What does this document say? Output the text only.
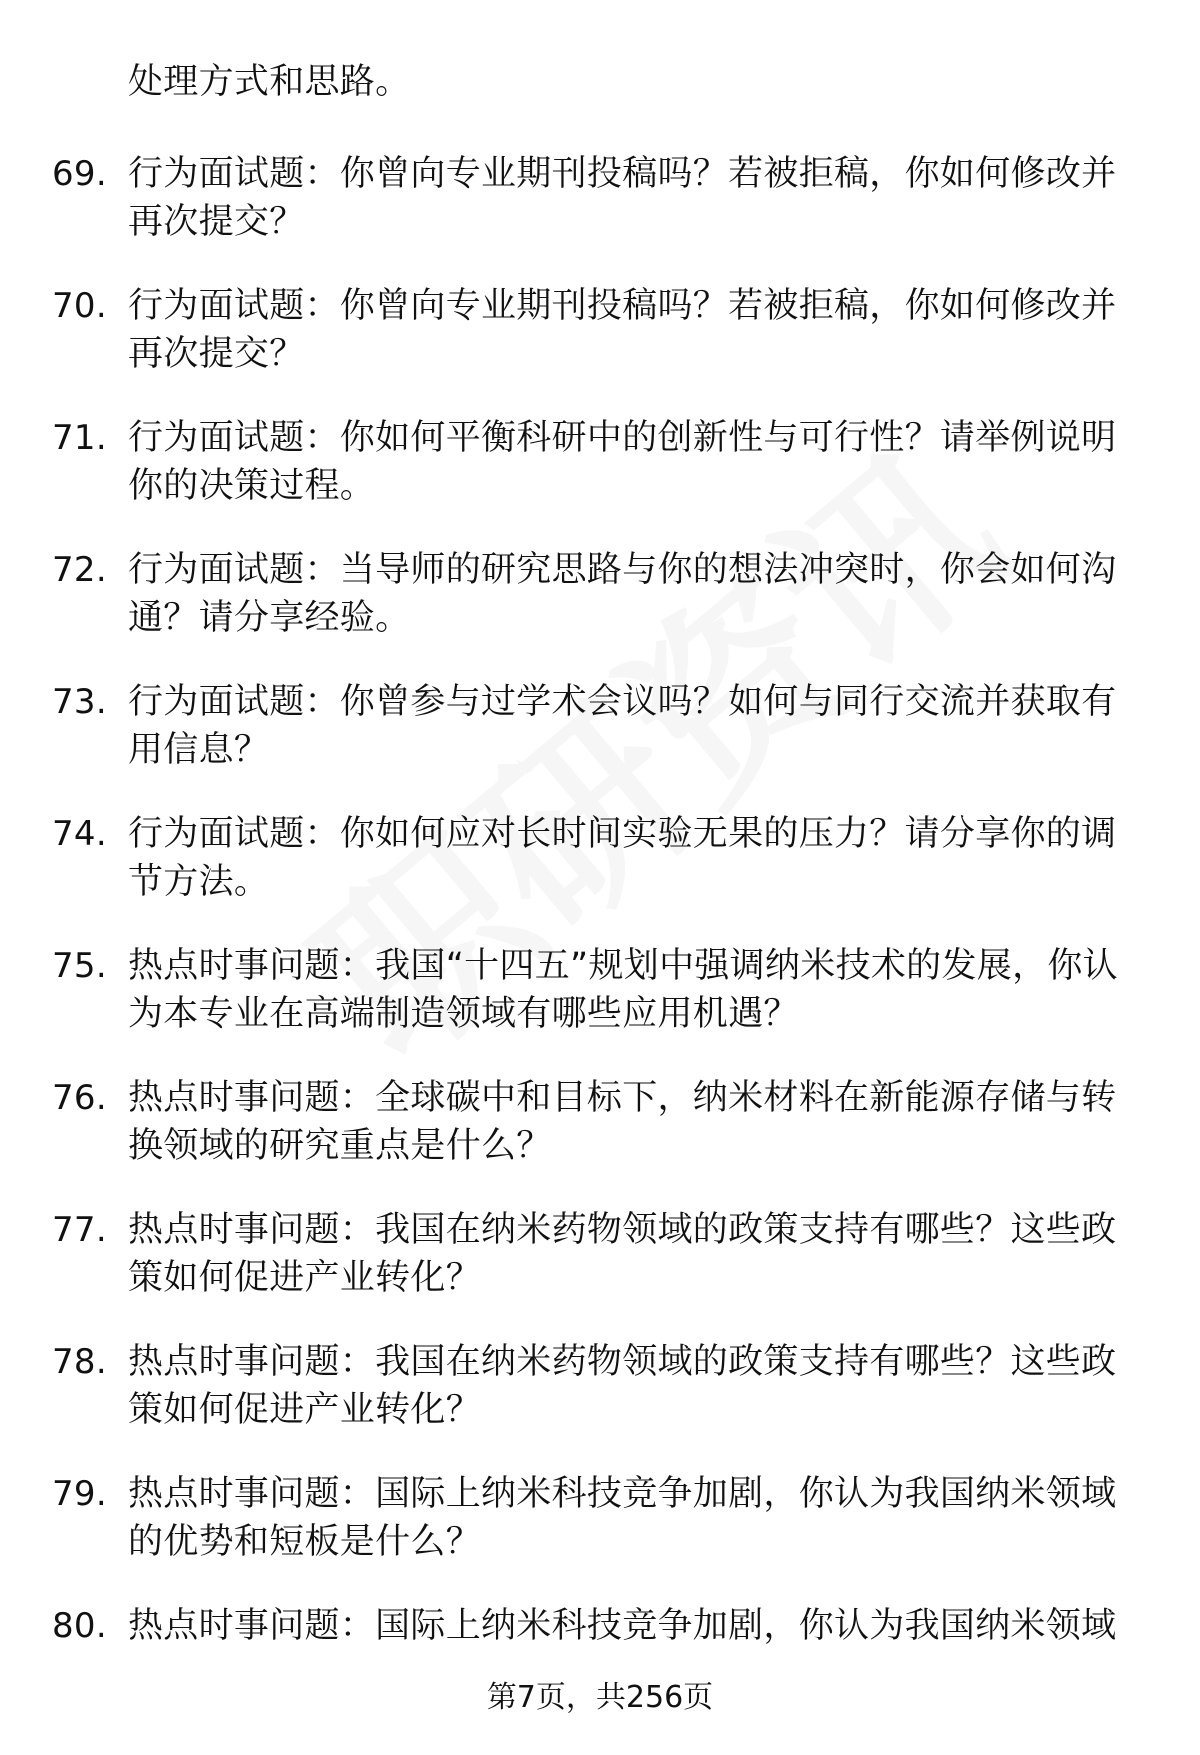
处理方式和思路。
69. 行为面试题：你曾向专业期刊投稿吗？若被拒稿，你如何修改并再次提交？
70. 行为面试题：你曾向专业期刊投稿吗？若被拒稿，你如何修改并再次提交？
71. 行为面试题：你如何平衡科研中的创新性与可行性？请举例说明你的决策过程。
72. 行为面试题：当导师的研究思路与你的想法冲突时，你会如何沟通？请分享经验。
73. 行为面试题：你曾参与过学术会议吗？如何与同行交流并获取有用信息？
74. 行为面试题：你如何应对长时间实验无果的压力？请分享你的调节方法。
75. 热点时事问题：我国“十四五”规划中强调纳米技术的发展，你认为本专业在高端制造领域有哪些应用机遇？
76. 热点时事问题：全球碳中和目标下，纳米材料在新能源存储与转换领域的研究重点是什么？
77. 热点时事问题：我国在纳米药物领域的政策支持有哪些？这些政策如何促进产业转化？
78. 热点时事问题：我国在纳米药物领域的政策支持有哪些？这些政策如何促进产业转化？
79. 热点时事问题：国际上纳米科技竞争加剧，你认为我国纳米领域的优势和短板是什么？
80. 热点时事问题：国际上纳米科技竞争加剧，你认为我国纳米领域
第7页，共256页
